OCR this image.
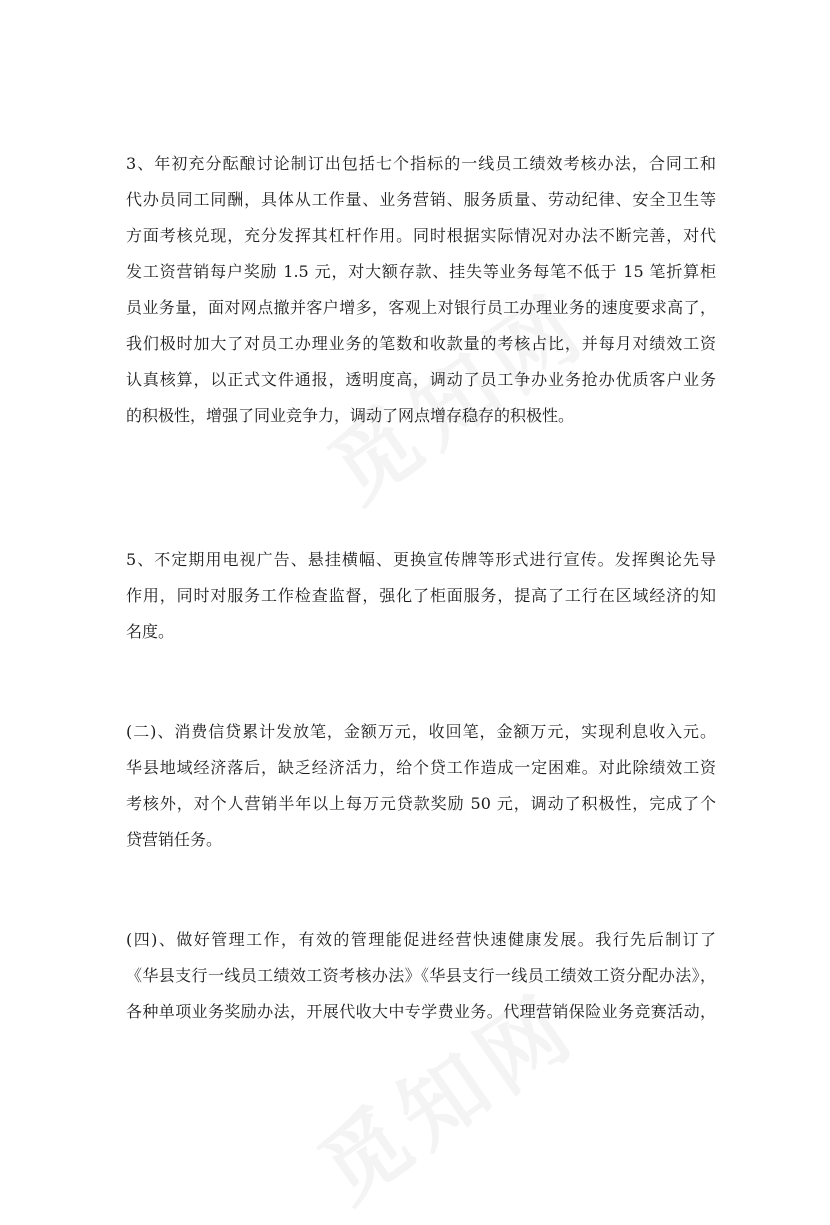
3、年初充分酝酿讨论制订出包括七个指标的一线员工绩效考核办法，合同工和
代办员同工同酬，具体从工作量、业务营销、服务质量、劳动纪律、安全卫生等
方面考核兑现，充分发挥其杠杆作用。同时根据实际情况对办法不断完善，对代
发工资营销每户奖励 1.5 元，对大额存款、挂失等业务每笔不低于 15 笔折算柜
员业务量，面对网点撤并客户增多，客观上对银行员工办理业务的速度要求高了，
我们极时加大了对员工办理业务的笔数和收款量的考核占比，并每月对绩效工资
认真核算，以正式文件通报，透明度高，调动了员工争办业务抢办优质客户业务
的积极性，增强了同业竞争力，调动了网点增存稳存的积极性。
5、不定期用电视广告、悬挂横幅、更换宣传牌等形式进行宣传。发挥舆论先导
作用，同时对服务工作检查监督，强化了柜面服务，提高了工行在区域经济的知
名度。
(二)、消费信贷累计发放笔，金额万元，收回笔，金额万元，实现利息收入元。
华县地域经济落后，缺乏经济活力，给个贷工作造成一定困难。对此除绩效工资
考核外，对个人营销半年以上每万元贷款奖励 50 元，调动了积极性，完成了个
贷营销任务。
(四)、做好管理工作，有效的管理能促进经营快速健康发展。我行先后制订了
《华县支行一线员工绩效工资考核办法》《华县支行一线员工绩效工资分配办法》，
各种单项业务奖励办法，开展代收大中专学费业务。代理营销保险业务竞赛活动，
